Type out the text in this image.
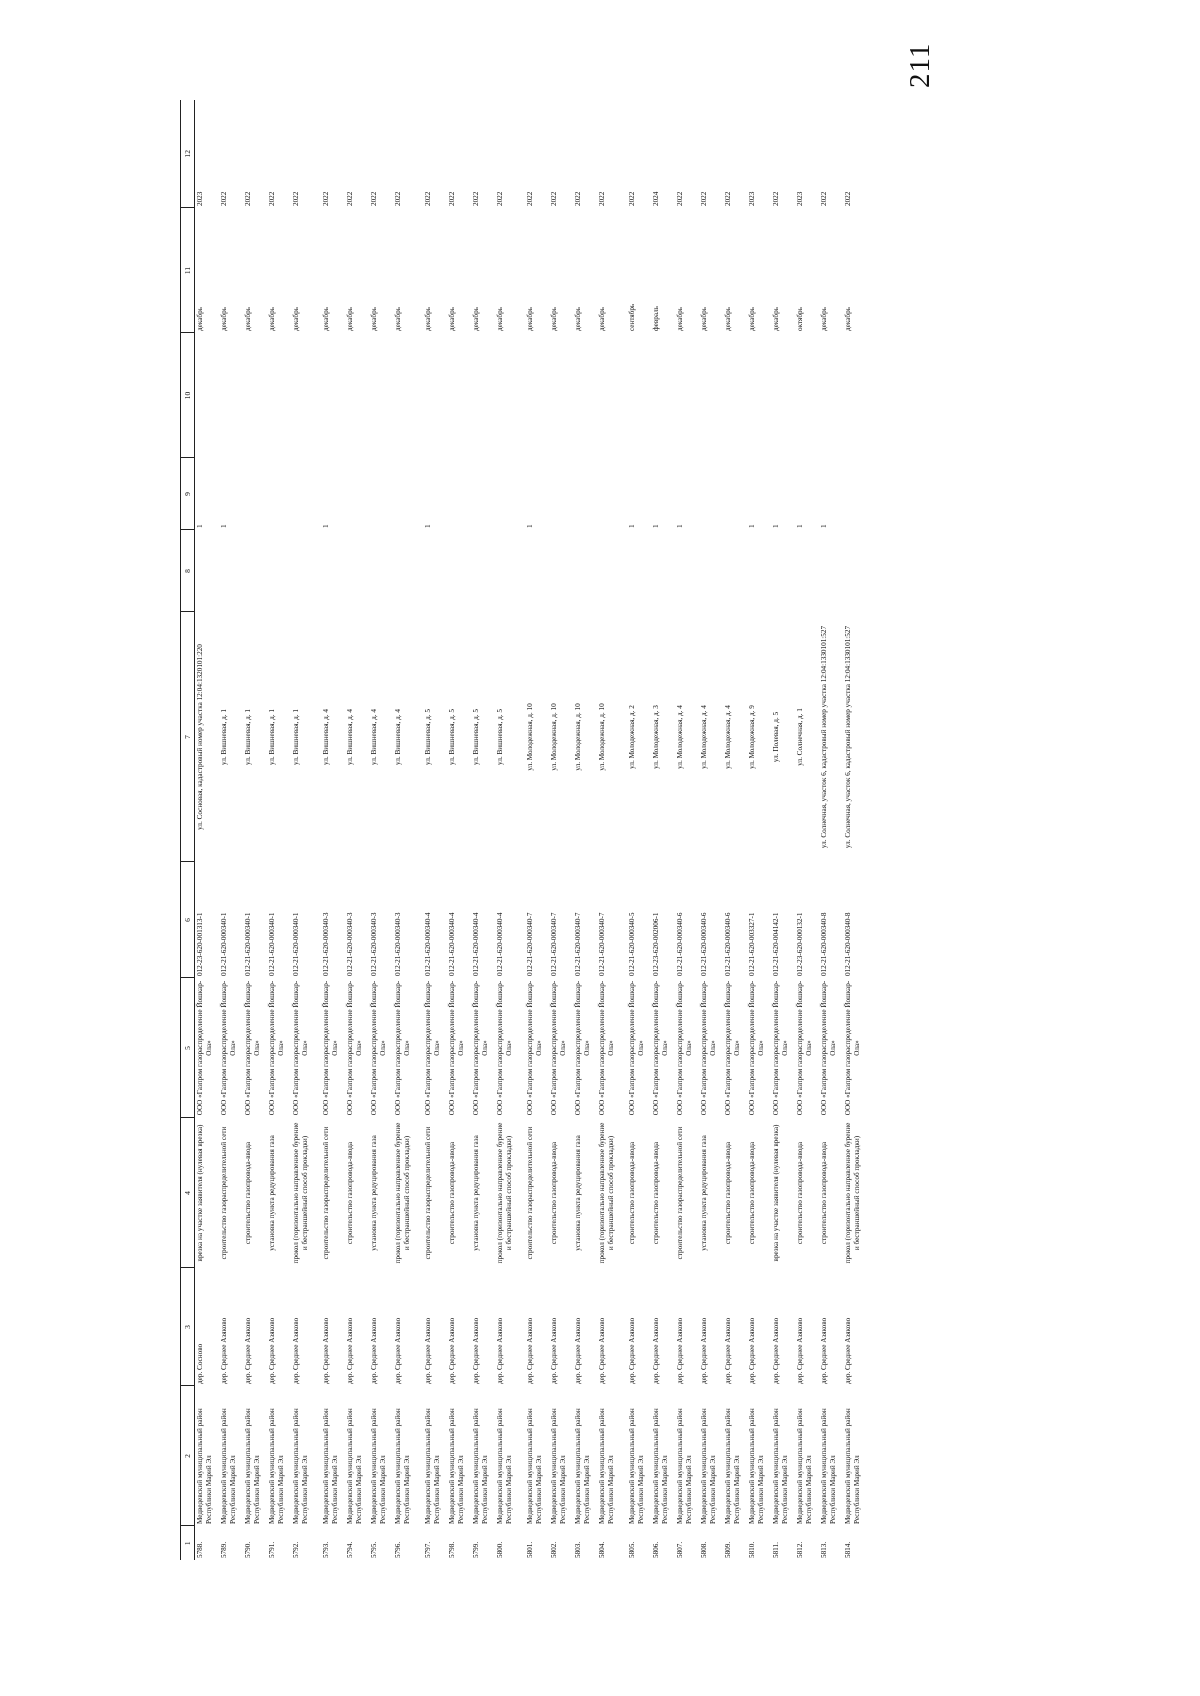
211
1	2	3	4	5	6	7	8	9	10	11	12
5788.	Медведевский муниципальный район Республики Марий Эл	дер. Сосново	врезка на участке заявителя (нулевая врезка)	ООО «Газпром газораспределение Йошкар-Ола»	012-23-620-001313-1	ул. Сосновая, кадастровый номер участка 12:04:1320101:220		1		декабрь	2023
5789.	Медведевский муниципальный район Республики Марий Эл	дер. Среднее Азяково	строительство газораспределительной сети	ООО «Газпром газораспределение Йошкар-Ола»	012-21-620-000340-1	ул. Вишневая, д. 1		1		декабрь	2022
5790.	Медведевский муниципальный район Республики Марий Эл	дер. Среднее Азяково	строительство газопровода-ввода	ООО «Газпром газораспределение Йошкар-Ола»	012-21-620-000340-1	ул. Вишневая, д. 1				декабрь	2022
5791.	Медведевский муниципальный район Республики Марий Эл	дер. Среднее Азяково	установка пункта редуцирования газа	ООО «Газпром газораспределение Йошкар-Ола»	012-21-620-000340-1	ул. Вишневая, д. 1				декабрь	2022
5792.	Медведевский муниципальный район Республики Марий Эл	дер. Среднее Азяково	прокол (горизонтально направленное бурение и бестраншейный способ прокладки)	ООО «Газпром газораспределение Йошкар-Ола»	012-21-620-000340-1	ул. Вишневая, д. 1				декабрь	2022
5793.	Медведевский муниципальный район Республики Марий Эл	дер. Среднее Азяково	строительство газораспределительной сети	ООО «Газпром газораспределение Йошкар-Ола»	012-21-620-000340-3	ул. Вишневая, д. 4		1		декабрь	2022
5794.	Медведевский муниципальный район Республики Марий Эл	дер. Среднее Азяково	строительство газопровода-ввода	ООО «Газпром газораспределение Йошкар-Ола»	012-21-620-000340-3	ул. Вишневая, д. 4				декабрь	2022
5795.	Медведевский муниципальный район Республики Марий Эл	дер. Среднее Азяково	установка пункта редуцирования газа	ООО «Газпром газораспределение Йошкар-Ола»	012-21-620-000340-3	ул. Вишневая, д. 4				декабрь	2022
5796.	Медведевский муниципальный район Республики Марий Эл	дер. Среднее Азяково	прокол (горизонтально направленное бурение и бестраншейный способ прокладки)	ООО «Газпром газораспределение Йошкар-Ола»	012-21-620-000340-3	ул. Вишневая, д. 4				декабрь	2022
5797.	Медведевский муниципальный район Республики Марий Эл	дер. Среднее Азяково	строительство газораспределительной сети	ООО «Газпром газораспределение Йошкар-Ола»	012-21-620-000340-4	ул. Вишневая, д. 5		1		декабрь	2022
5798.	Медведевский муниципальный район Республики Марий Эл	дер. Среднее Азяково	строительство газопровода-ввода	ООО «Газпром газораспределение Йошкар-Ола»	012-21-620-000340-4	ул. Вишневая, д. 5				декабрь	2022
5799.	Медведевский муниципальный район Республики Марий Эл	дер. Среднее Азяково	установка пункта редуцирования газа	ООО «Газпром газораспределение Йошкар-Ола»	012-21-620-000340-4	ул. Вишневая, д. 5				декабрь	2022
5800.	Медведевский муниципальный район Республики Марий Эл	дер. Среднее Азяково	прокол (горизонтально направленное бурение и бестраншейный способ прокладки)	ООО «Газпром газораспределение Йошкар-Ола»	012-21-620-000340-4	ул. Вишневая, д. 5				декабрь	2022
5801.	Медведевский муниципальный район Республики Марий Эл	дер. Среднее Азяково	строительство газораспределительной сети	ООО «Газпром газораспределение Йошкар-Ола»	012-21-620-000340-7	ул. Молодежная, д. 10		1		декабрь	2022
5802.	Медведевский муниципальный район Республики Марий Эл	дер. Среднее Азяково	строительство газопровода-ввода	ООО «Газпром газораспределение Йошкар-Ола»	012-21-620-000340-7	ул. Молодежная, д. 10				декабрь	2022
5803.	Медведевский муниципальный район Республики Марий Эл	дер. Среднее Азяково	установка пункта редуцирования газа	ООО «Газпром газораспределение Йошкар-Ола»	012-21-620-000340-7	ул. Молодежная, д. 10				декабрь	2022
5804.	Медведевский муниципальный район Республики Марий Эл	дер. Среднее Азяково	прокол (горизонтально направленное бурение и бестраншейный способ прокладки)	ООО «Газпром газораспределение Йошкар-Ола»	012-21-620-000340-7	ул. Молодежная, д. 10				декабрь	2022
5805.	Медведевский муниципальный район Республики Марий Эл	дер. Среднее Азяково	строительство газопровода-ввода	ООО «Газпром газораспределение Йошкар-Ола»	012-21-620-000340-5	ул. Молодежная, д. 2		1		сентябрь	2022
5806.	Медведевский муниципальный район Республики Марий Эл	дер. Среднее Азяково	строительство газопровода-ввода	ООО «Газпром газораспределение Йошкар-Ола»	012-23-620-002006-1	ул. Молодежная, д. 3		1		февраль	2024
5807.	Медведевский муниципальный район Республики Марий Эл	дер. Среднее Азяково	строительство газораспределительной сети	ООО «Газпром газораспределение Йошкар-Ола»	012-21-620-000340-6	ул. Молодежная, д. 4		1		декабрь	2022
5808.	Медведевский муниципальный район Республики Марий Эл	дер. Среднее Азяково	установка пункта редуцирования газа	ООО «Газпром газораспределение Йошкар-Ола»	012-21-620-000340-6	ул. Молодежная, д. 4				декабрь	2022
5809.	Медведевский муниципальный район Республики Марий Эл	дер. Среднее Азяково	строительство газопровода-ввода	ООО «Газпром газораспределение Йошкар-Ола»	012-21-620-000340-6	ул. Молодежная, д. 4				декабрь	2022
5810.	Медведевский муниципальный район Республики Марий Эл	дер. Среднее Азяково	строительство газопровода-ввода	ООО «Газпром газораспределение Йошкар-Ола»	012-21-620-003327-1	ул. Молодежная, д. 9		1		декабрь	2023
5811.	Медведевский муниципальный район Республики Марий Эл	дер. Среднее Азяково	врезка на участке заявителя (нулевая врезка)	ООО «Газпром газораспределение Йошкар-Ола»	012-21-620-004142-1	ул. Полевая, д. 5		1		декабрь	2022
5812.	Медведевский муниципальный район Республики Марий Эл	дер. Среднее Азяково	строительство газопровода-ввода	ООО «Газпром газораспределение Йошкар-Ола»	012-23-620-000132-1	ул. Солнечная, д. 1		1		октябрь	2023
5813.	Медведевский муниципальный район Республики Марий Эл	дер. Среднее Азяково	строительство газопровода-ввода	ООО «Газпром газораспределение Йошкар-Ола»	012-21-620-000340-8	ул. Солнечная, участок 6, кадастровый номер участка 12:04:1330101:527		1		декабрь	2022
5814.	Медведевский муниципальный район Республики Марий Эл	дер. Среднее Азяково	прокол (горизонтально направленное бурение и бестраншейный способ прокладки)	ООО «Газпром газораспределение Йошкар-Ола»	012-21-620-000340-8	ул. Солнечная, участок 6, кадастровый номер участка 12:04:1330101:527				декабрь	2022
